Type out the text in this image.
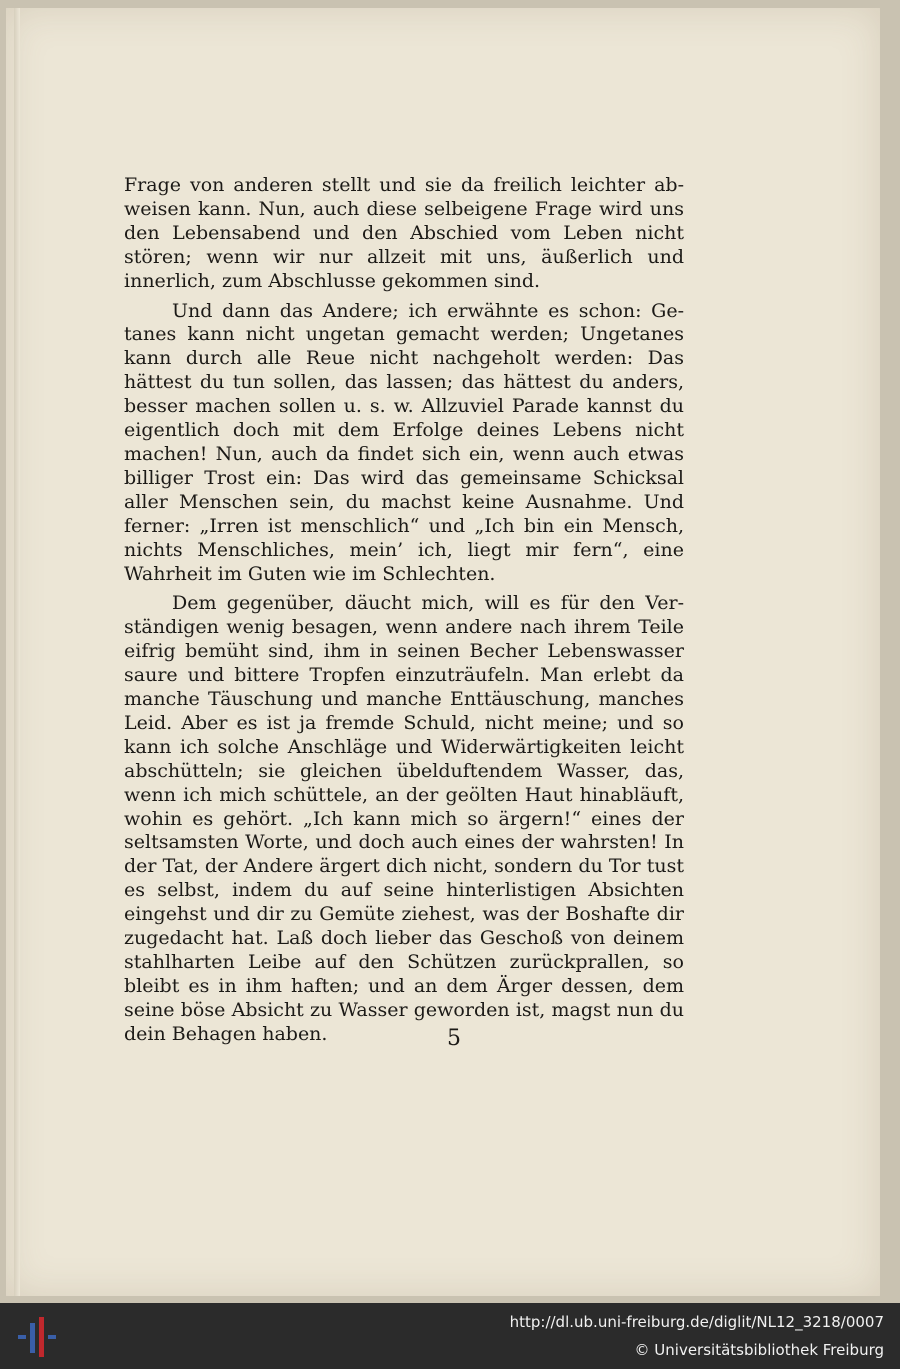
Frage von anderen stellt und sie da freilich leichter abweisen kann. Nun, auch diese selbeigene Frage wird uns den Lebensabend und den Abschied vom Leben nicht stören; wenn wir nur allzeit mit uns, äußerlich und innerlich, zum Abschlusse gekommen sind.

Und dann das Andere; ich erwähnte es schon: Getanes kann nicht ungetan gemacht werden; Ungetanes kann durch alle Reue nicht nachgeholt werden: Das hättest du tun sollen, das lassen; das hättest du anders, besser machen sollen u. s. w. Allzuviel Parade kannst du eigentlich doch mit dem Erfolge deines Lebens nicht machen! Nun, auch da findet sich ein, wenn auch etwas billiger Trost ein: Das wird das gemeinsame Schicksal aller Menschen sein, du machst keine Ausnahme. Und ferner: „Irren ist menschlich“ und „Ich bin ein Mensch, nichts Menschliches, mein’ ich, liegt mir fern“, eine Wahrheit im Guten wie im Schlechten.

Dem gegenüber, däucht mich, will es für den Verständigen wenig besagen, wenn andere nach ihrem Teile eifrig bemüht sind, ihm in seinen Becher Lebenswasser saure und bittere Tropfen einzuträufeln. Man erlebt da manche Täuschung und manche Enttäuschung, manches Leid. Aber es ist ja fremde Schuld, nicht meine; und so kann ich solche Anschläge und Widerwärtigkeiten leicht abschütteln; sie gleichen übelduftendem Wasser, das, wenn ich mich schüttele, an der geölten Haut hinabläuft, wohin es gehört. „Ich kann mich so ärgern!“ eines der seltsamsten Worte, und doch auch eines der wahrsten! In der Tat, der Andere ärgert dich nicht, sondern du Tor tust es selbst, indem du auf seine hinterlistigen Absichten eingehst und dir zu Gemüte ziehest, was der Boshafte dir zugedacht hat. Laß doch lieber das Geschoß von deinem stahlharten Leibe auf den Schützen zurückprallen, so bleibt es in ihm haften; und an dem Ärger dessen, dem seine böse Absicht zu Wasser geworden ist, magst nun du dein Behagen haben.	5
http://dl.ub.uni-freiburg.de/diglit/NL12_3218/0007
© Universitätsbibliothek Freiburg
